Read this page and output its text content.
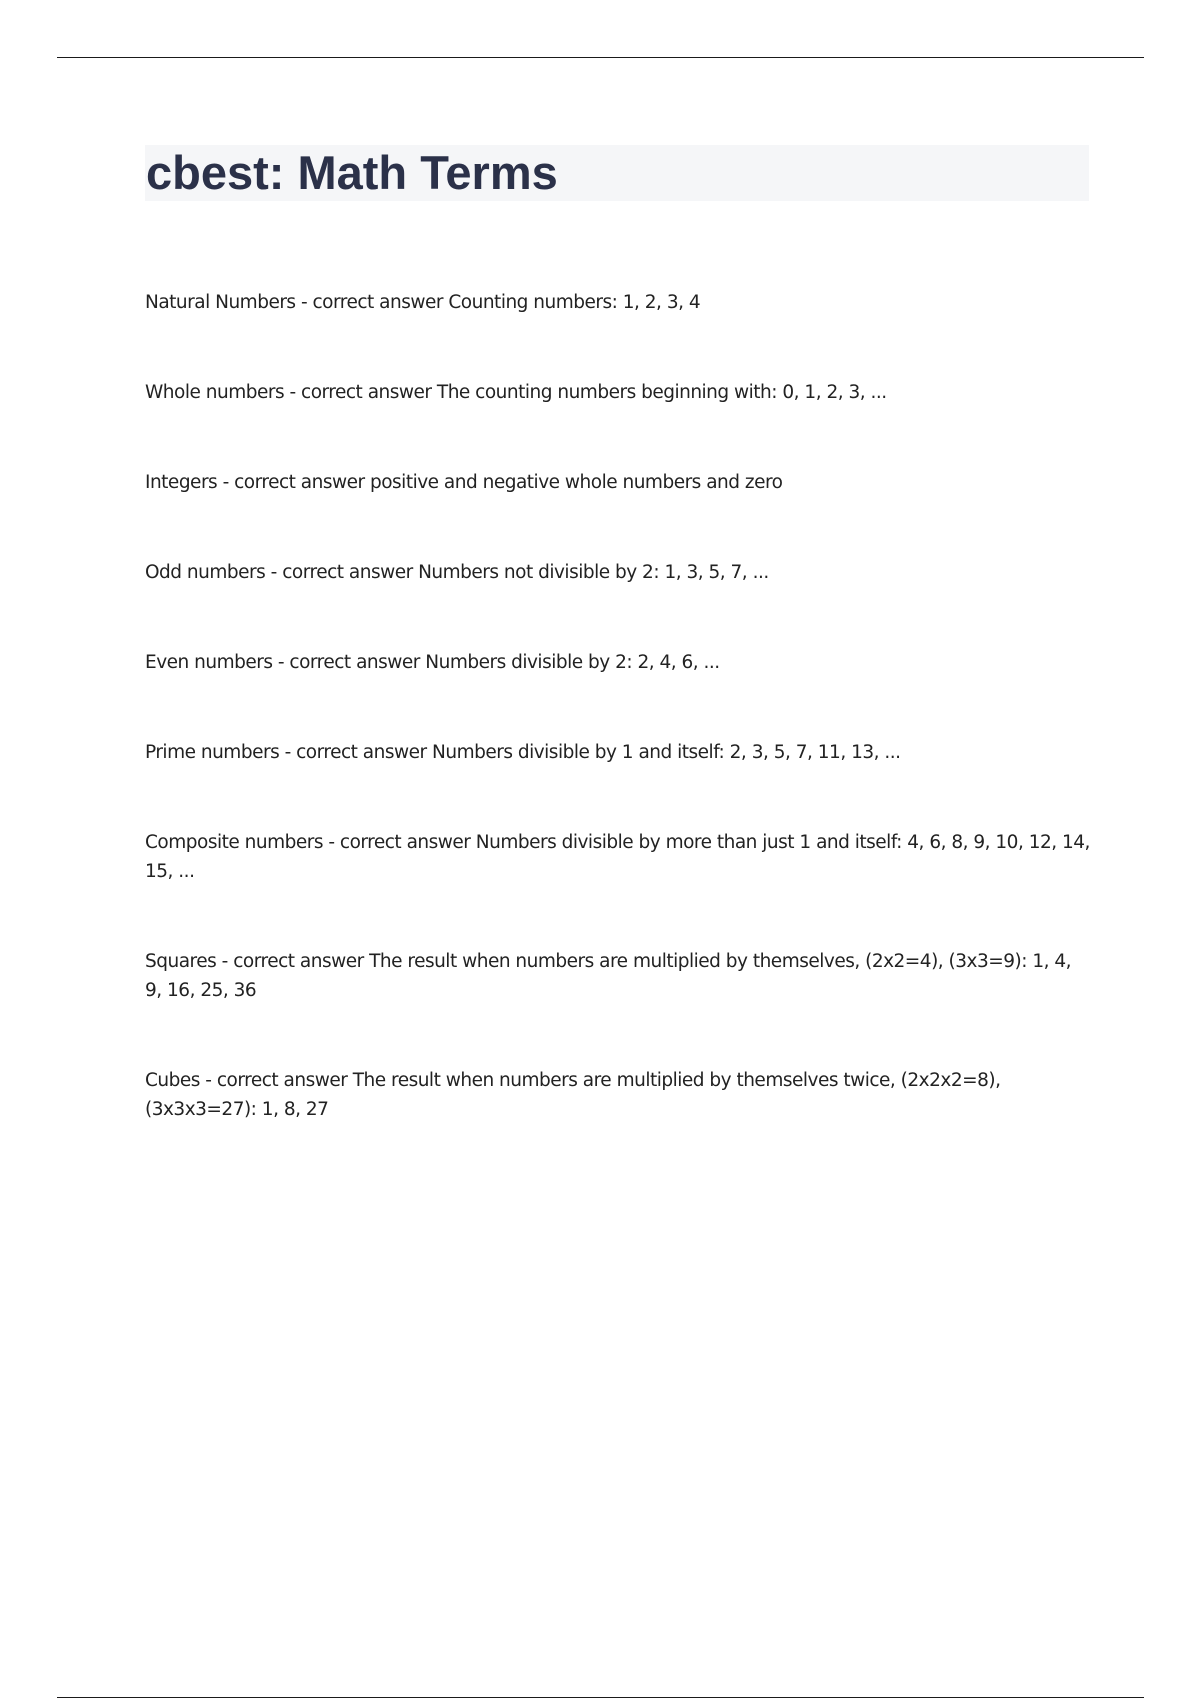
cbest: Math Terms

Natural Numbers - correct answer Counting numbers: 1, 2, 3, 4

Whole numbers - correct answer The counting numbers beginning with: 0, 1, 2, 3, ...

Integers - correct answer positive and negative whole numbers and zero

Odd numbers - correct answer Numbers not divisible by 2: 1, 3, 5, 7, ...

Even numbers - correct answer Numbers divisible by 2: 2, 4, 6, ...

Prime numbers - correct answer Numbers divisible by 1 and itself: 2, 3, 5, 7, 11, 13, ...

Composite numbers - correct answer Numbers divisible by more than just 1 and itself: 4, 6, 8, 9, 10, 12, 14, 15, ...

Squares - correct answer The result when numbers are multiplied by themselves, (2x2=4), (3x3=9): 1, 4, 9, 16, 25, 36

Cubes - correct answer The result when numbers are multiplied by themselves twice, (2x2x2=8), (3x3x3=27): 1, 8, 27
